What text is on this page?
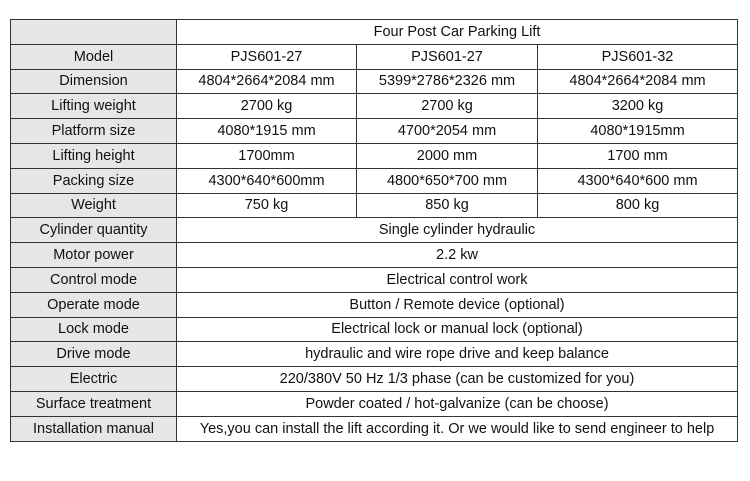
	Four Post Car Parking Lift		
Model	PJS601-27	PJS601-27	PJS601-32
Dimension	4804*2664*2084 mm	5399*2786*2326 mm	4804*2664*2084 mm
Lifting weight	2700 kg	2700 kg	3200 kg
Platform size	4080*1915 mm	4700*2054 mm	4080*1915mm
Lifting height	1700mm	2000 mm	1700 mm
Packing size	4300*640*600mm	4800*650*700 mm	4300*640*600 mm
Weight	750 kg	850 kg	800 kg
Cylinder quantity	Single cylinder hydraulic		
Motor power	2.2 kw		
Control mode	Electrical control work		
Operate mode	Button / Remote device (optional)		
Lock mode	Electrical lock or manual lock (optional)		
Drive mode	hydraulic and wire rope drive and keep balance		
Electric	220/380V 50 Hz 1/3 phase (can be customized for you)		
Surface treatment	Powder coated / hot-galvanize (can be choose)		
Installation manual	Yes,you can install the lift according it. Or we would like to send engineer to help		
